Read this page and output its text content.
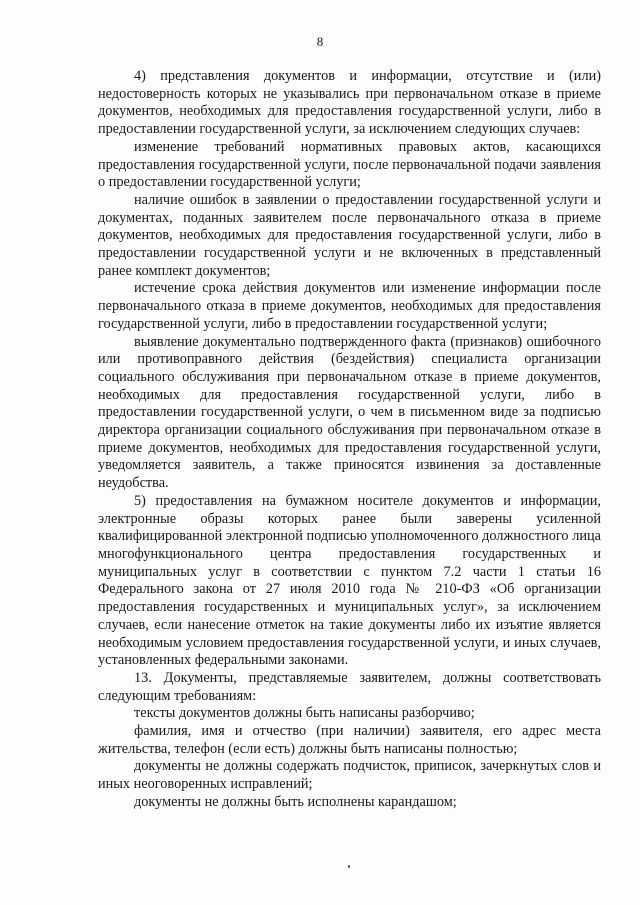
8

4) представления документов и информации, отсутствие и (или) недостоверность которых не указывались при первоначальном отказе в приеме документов, необходимых для предоставления государственной услуги, либо в предоставлении государственной услуги, за исключением следующих случаев:

изменение требований нормативных правовых актов, касающихся предоставления государственной услуги, после первоначальной подачи заявления о предоставлении государственной услуги;

наличие ошибок в заявлении о предоставлении государственной услуги и документах, поданных заявителем после первоначального отказа в приеме документов, необходимых для предоставления государственной услуги, либо в предоставлении государственной услуги и не включенных в представленный ранее комплект документов;

истечение срока действия документов или изменение информации после первоначального отказа в приеме документов, необходимых для предоставления государственной услуги, либо в предоставлении государственной услуги;

выявление документально подтвержденного факта (признаков) ошибочного или противоправного действия (бездействия) специалиста организации социального обслуживания при первоначальном отказе в приеме документов, необходимых для предоставления государственной услуги, либо в предоставлении государственной услуги, о чем в письменном виде за подписью директора организации социального обслуживания при первоначальном отказе в приеме документов, необходимых для предоставления государственной услуги, уведомляется заявитель, а также приносятся извинения за доставленные неудобства.

5) предоставления на бумажном носителе документов и информации, электронные образы которых ранее были заверены усиленной квалифицированной электронной подписью уполномоченного должностного лица многофункционального центра предоставления государственных и муниципальных услуг в соответствии с пунктом 7.2 части 1 статьи 16 Федерального закона от 27 июля 2010 года № 210-ФЗ «Об организации предоставления государственных и муниципальных услуг», за исключением случаев, если нанесение отметок на такие документы либо их изъятие является необходимым условием предоставления государственной услуги, и иных случаев, установленных федеральными законами.

13. Документы, представляемые заявителем, должны соответствовать следующим требованиям:

тексты документов должны быть написаны разборчиво;

фамилия, имя и отчество (при наличии) заявителя, его адрес места жительства, телефон (если есть) должны быть написаны полностью;

документы не должны содержать подчисток, приписок, зачеркнутых слов и иных неоговоренных исправлений;

документы не должны быть исполнены карандашом;
